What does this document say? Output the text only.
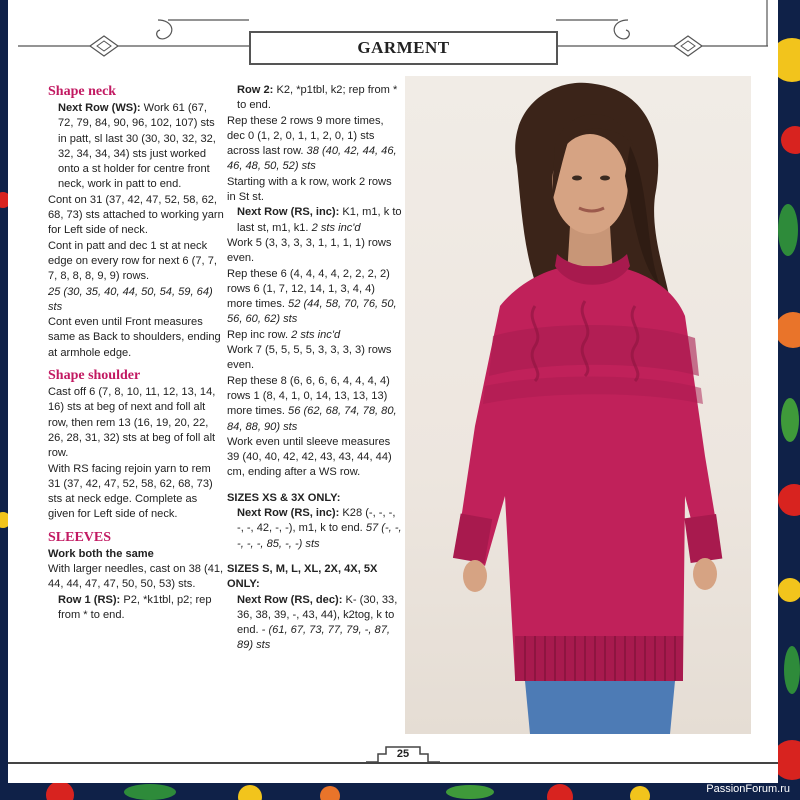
GARMENT

Shape neck

Next Row (WS): Work 61 (67, 72, 79, 84, 90, 96, 102, 107) sts in patt, sl last 30 (30, 30, 32, 32, 32, 34, 34, 34) sts just worked onto a st holder for centre front neck, work in patt to end.

Cont on 31 (37, 42, 47, 52, 58, 62, 68, 73) sts attached to working yarn for Left side of neck.

Cont in patt and dec 1 st at neck edge on every row for next 6 (7, 7, 7, 8, 8, 8, 9, 9) rows.

25 (30, 35, 40, 44, 50, 54, 59, 64) sts

Cont even until Front measures same as Back to shoulders, ending at armhole edge.

Shape shoulder

Cast off 6 (7, 8, 10, 11, 12, 13, 14, 16) sts at beg of next and foll alt row, then rem 13 (16, 19, 20, 22, 26, 28, 31, 32) sts at beg of foll alt row.

With RS facing rejoin yarn to rem 31 (37, 42, 47, 52, 58, 62, 68, 73) sts at neck edge. Complete as given for Left side of neck.

SLEEVES

Work both the same

With larger needles, cast on 38 (41, 44, 44, 47, 47, 50, 50, 53) sts.

Row 1 (RS): P2, *k1tbl, p2; rep from * to end.

Row 2: K2, *p1tbl, k2; rep from * to end.

Rep these 2 rows 9 more times, dec 0 (1, 2, 0, 1, 1, 2, 0, 1) sts across last row. 38 (40, 42, 44, 46, 46, 48, 50, 52) sts

Starting with a k row, work 2 rows in St st.

Next Row (RS, inc): K1, m1, k to last st, m1, k1. 2 sts inc'd

Work 5 (3, 3, 3, 3, 1, 1, 1, 1) rows even.

Rep these 6 (4, 4, 4, 4, 2, 2, 2, 2) rows 6 (1, 7, 12, 14, 1, 3, 4, 4) more times. 52 (44, 58, 70, 76, 50, 56, 60, 62) sts

Rep inc row. 2 sts inc'd

Work 7 (5, 5, 5, 5, 3, 3, 3, 3) rows even.

Rep these 8 (6, 6, 6, 6, 4, 4, 4, 4) rows 1 (8, 4, 1, 0, 14, 13, 13, 13) more times. 56 (62, 68, 74, 78, 80, 84, 88, 90) sts

Work even until sleeve measures 39 (40, 40, 42, 42, 43, 43, 44, 44) cm, ending after a WS row.

SIZES XS & 3X ONLY:

Next Row (RS, inc): K28 (-, -, -, -, -, 42, -, -), m1, k to end. 57 (-, -, -, -, -, 85, -, -) sts

SIZES S, M, L, XL, 2X, 4X, 5X ONLY:

Next Row (RS, dec): K- (30, 33, 36, 38, 39, -, 43, 44), k2tog, k to end. - (61, 67, 73, 77, 79, -, 87, 89) sts

25
PassionForum.ru
